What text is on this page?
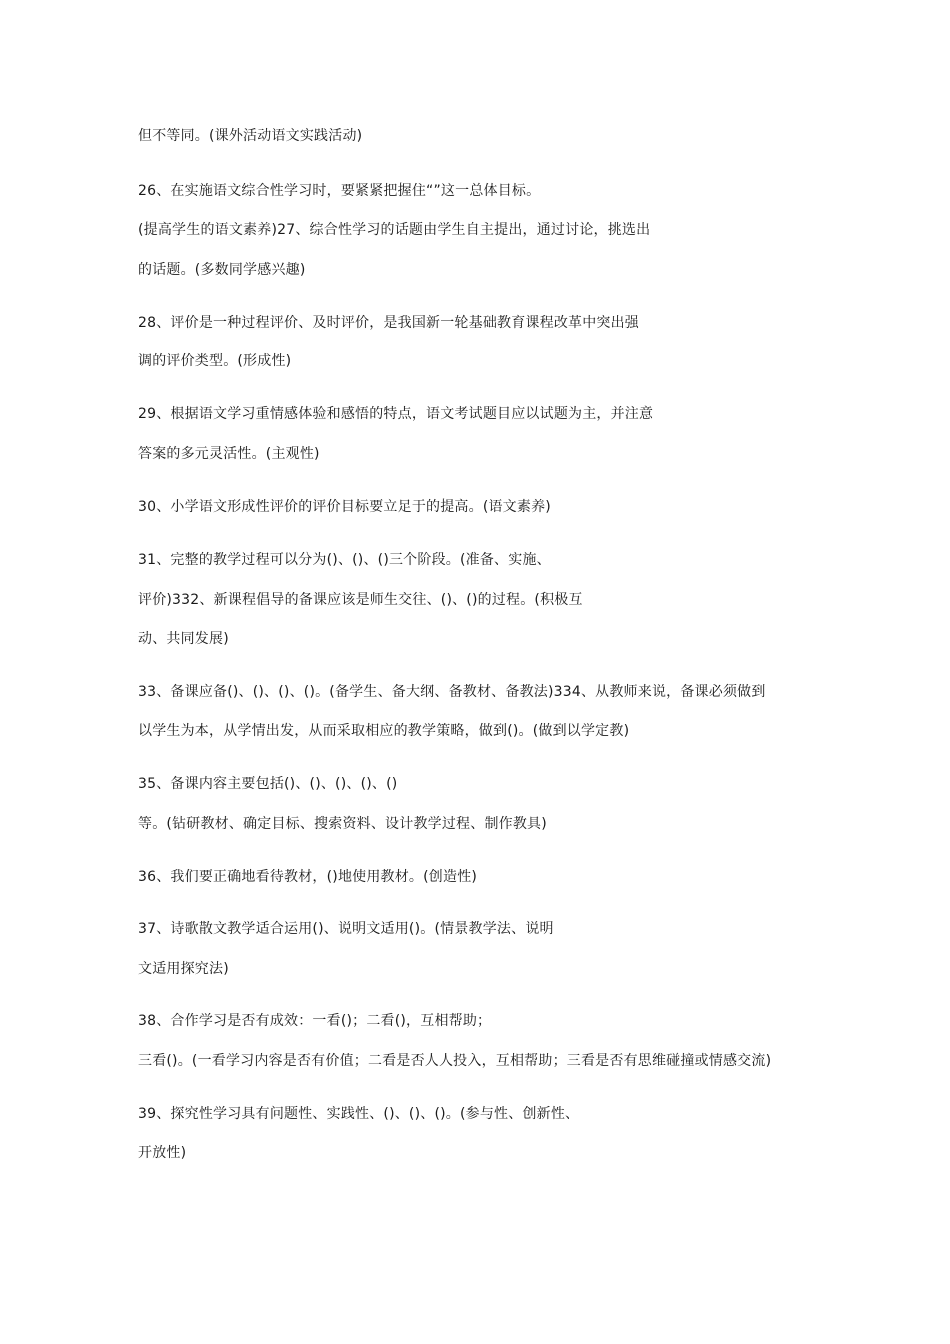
但不等同。(课外活动语文实践活动)
26、在实施语文综合性学习时，要紧紧把握住“”这一总体目标。
(提高学生的语文素养)27、综合性学习的话题由学生自主提出，通过讨论，挑选出
的话题。(多数同学感兴趣)
28、评价是一种过程评价、及时评价，是我国新一轮基础教育课程改革中突出强
调的评价类型。(形成性)
29、根据语文学习重情感体验和感悟的特点，语文考试题目应以试题为主，并注意
答案的多元灵活性。(主观性)
30、小学语文形成性评价的评价目标要立足于的提高。(语文素养)
31、完整的教学过程可以分为()、()、()三个阶段。(准备、实施、
评价)332、新课程倡导的备课应该是师生交往、()、()的过程。(积极互
动、共同发展)
33、备课应备()、()、()、()。(备学生、备大纲、备教材、备教法)334、从教师来说，备课必须做到
以学生为本，从学情出发，从而采取相应的教学策略，做到()。(做到以学定教)
35、备课内容主要包括()、()、()、()、()
等。(钻研教材、确定目标、搜索资料、设计教学过程、制作教具)
36、我们要正确地看待教材，()地使用教材。(创造性)
37、诗歌散文教学适合运用()、说明文适用()。(情景教学法、说明
文适用探究法)
38、合作学习是否有成效：一看()；二看()，互相帮助；
三看()。(一看学习内容是否有价值；二看是否人人投入，互相帮助；三看是否有思维碰撞或情感交流)
39、探究性学习具有问题性、实践性、()、()、()。(参与性、创新性、
开放性)
